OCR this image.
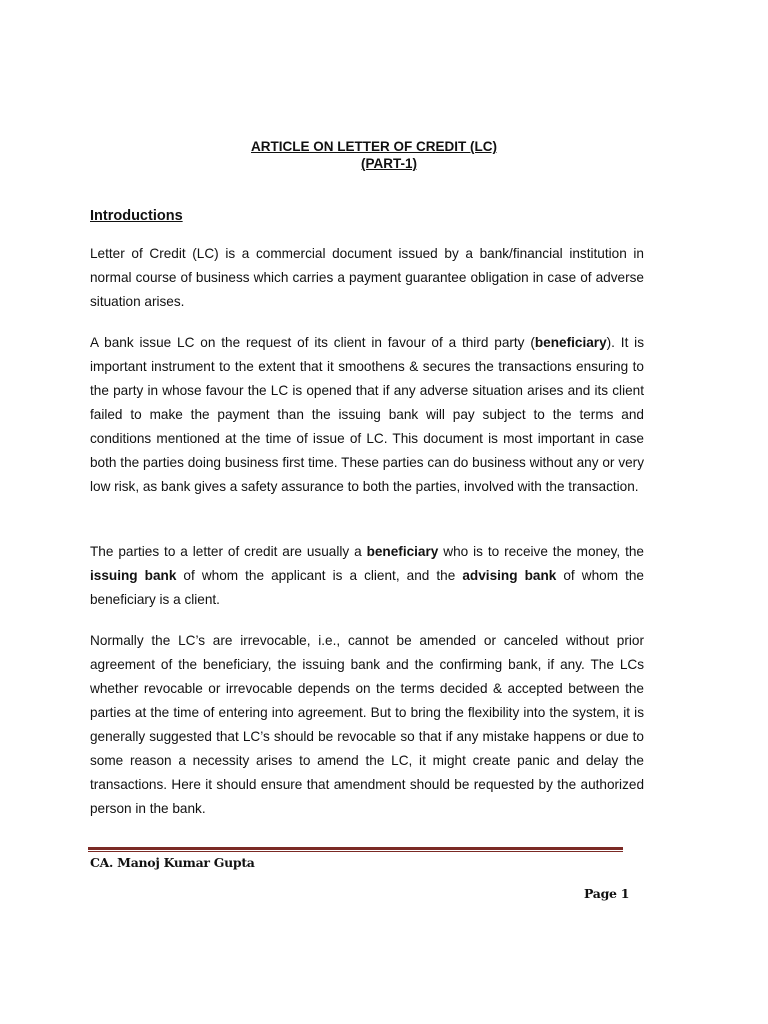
ARTICLE ON LETTER OF CREDIT (LC)
(PART-1)
Introductions

Letter of Credit (LC) is a commercial document issued by a bank/financial institution in normal course of business which carries a payment guarantee obligation in case of adverse situation arises.

A bank issue LC on the request of its client in favour of a third party (beneficiary). It is important instrument to the extent that it smoothens & secures the transactions ensuring to the party in whose favour the LC is opened that if any adverse situation arises and its client failed to make the payment than the issuing bank will pay subject to the terms and conditions mentioned at the time of issue of LC. This document is most important in case both the parties doing business first time. These parties can do business without any or very low risk, as bank gives a safety assurance to both the parties, involved with the transaction.

The parties to a letter of credit are usually a beneficiary who is to receive the money, the issuing bank of whom the applicant is a client, and the advising bank of whom the beneficiary is a client.

Normally the LC’s are irrevocable, i.e., cannot be amended or canceled without prior agreement of the beneficiary, the issuing bank and the confirming bank, if any. The LCs whether revocable or irrevocable depends on the terms decided & accepted between the parties at the time of entering into agreement. But to bring the flexibility into the system, it is generally suggested that LC’s should be revocable so that if any mistake happens or due to some reason a necessity arises to amend the LC, it might create panic and delay the transactions. Here it should ensure that amendment should be requested by the authorized person in the bank.

CA. Manoj Kumar Gupta
Page 1
